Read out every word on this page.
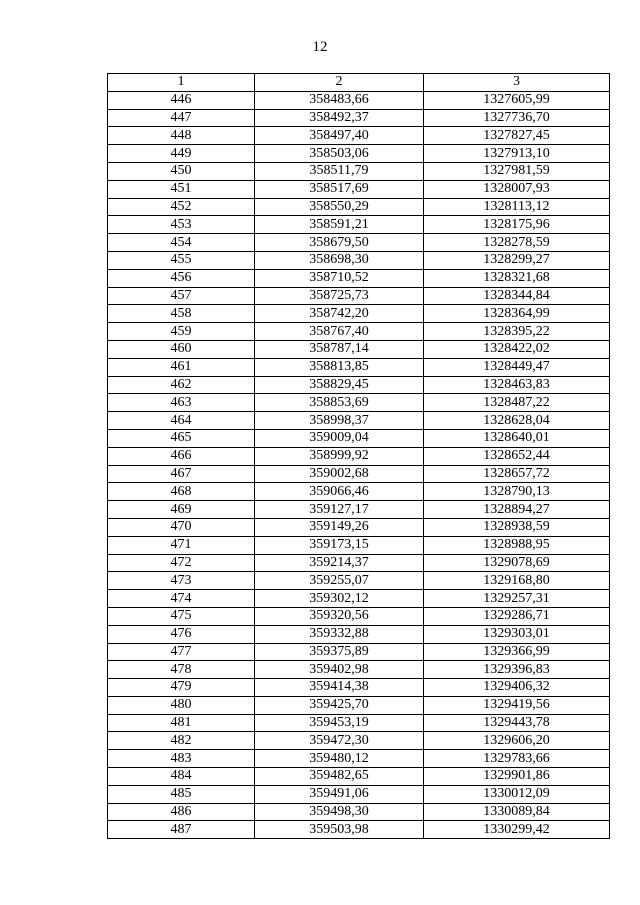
12
1	2	3
446	358483,66	1327605,99
447	358492,37	1327736,70
448	358497,40	1327827,45
449	358503,06	1327913,10
450	358511,79	1327981,59
451	358517,69	1328007,93
452	358550,29	1328113,12
453	358591,21	1328175,96
454	358679,50	1328278,59
455	358698,30	1328299,27
456	358710,52	1328321,68
457	358725,73	1328344,84
458	358742,20	1328364,99
459	358767,40	1328395,22
460	358787,14	1328422,02
461	358813,85	1328449,47
462	358829,45	1328463,83
463	358853,69	1328487,22
464	358998,37	1328628,04
465	359009,04	1328640,01
466	358999,92	1328652,44
467	359002,68	1328657,72
468	359066,46	1328790,13
469	359127,17	1328894,27
470	359149,26	1328938,59
471	359173,15	1328988,95
472	359214,37	1329078,69
473	359255,07	1329168,80
474	359302,12	1329257,31
475	359320,56	1329286,71
476	359332,88	1329303,01
477	359375,89	1329366,99
478	359402,98	1329396,83
479	359414,38	1329406,32
480	359425,70	1329419,56
481	359453,19	1329443,78
482	359472,30	1329606,20
483	359480,12	1329783,66
484	359482,65	1329901,86
485	359491,06	1330012,09
486	359498,30	1330089,84
487	359503,98	1330299,42
